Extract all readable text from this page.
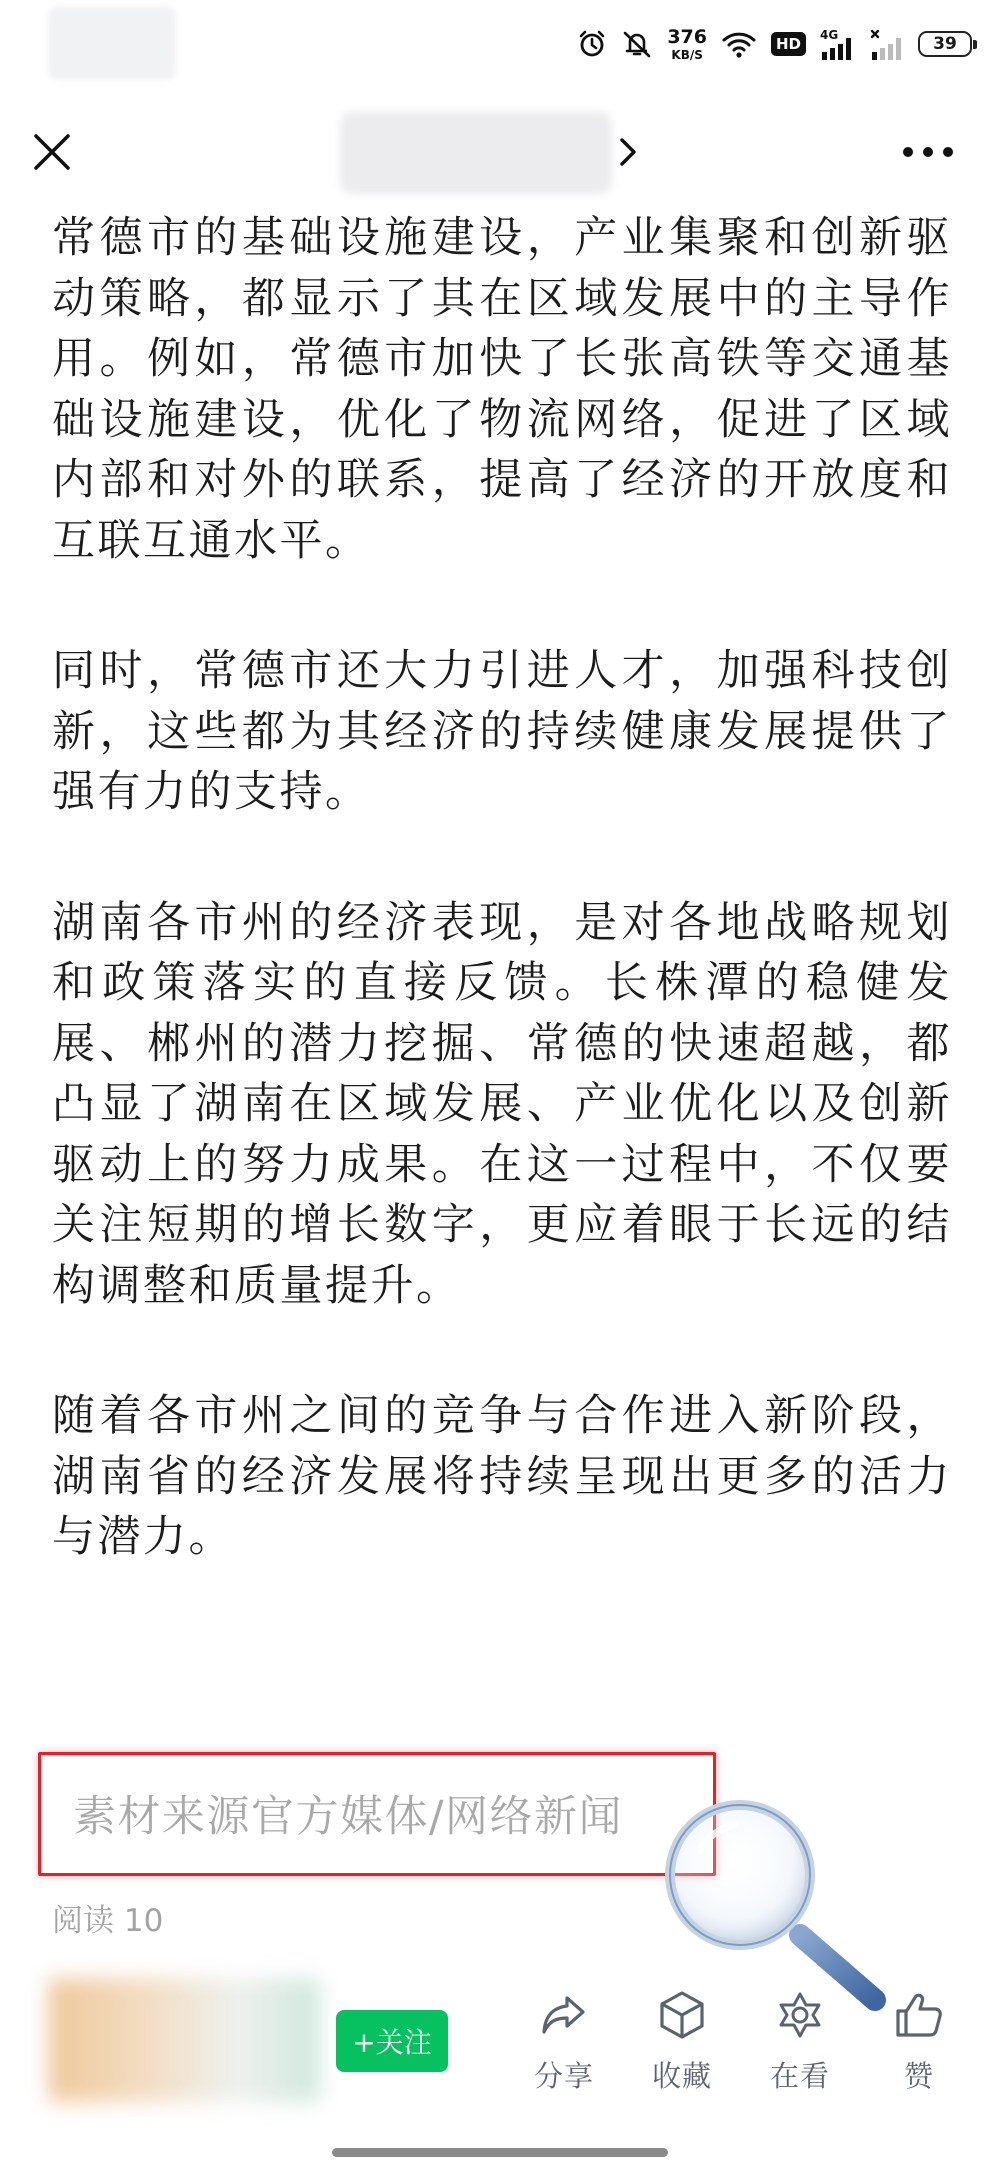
376
KB/S
HD	4G	39

常德市的基础设施建设，产业集聚和创新驱动策略，都显示了其在区域发展中的主导作用。例如，常德市加快了长张高铁等交通基础设施建设，优化了物流网络，促进了区域内部和对外的联系，提高了经济的开放度和互联互通水平。

同时，常德市还大力引进人才，加强科技创新，这些都为其经济的持续健康发展提供了强有力的支持。

湖南各市州的经济表现，是对各地战略规划和政策落实的直接反馈。长株潭的稳健发展、郴州的潜力挖掘、常德的快速超越，都凸显了湖南在区域发展、产业优化以及创新驱动上的努力成果。在这一过程中，不仅要关注短期的增长数字，更应着眼于长远的结构调整和质量提升。

随着各市州之间的竞争与合作进入新阶段，湖南省的经济发展将持续呈现出更多的活力与潜力。

素材来源官方媒体/网络新闻
阅读 10
+关注
分享 收藏 在看	赞
